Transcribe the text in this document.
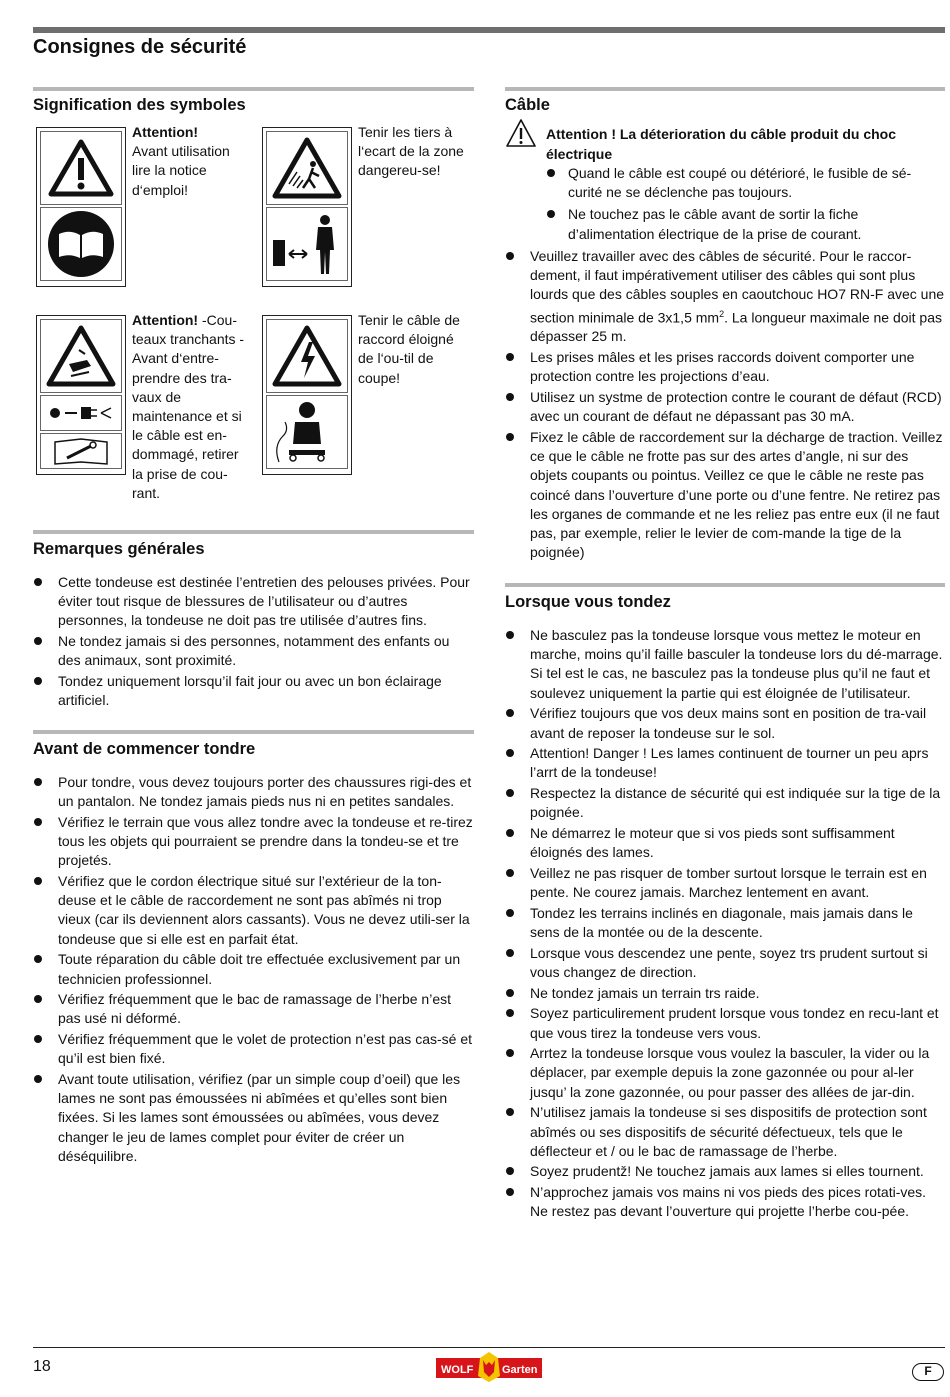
Consignes de sécurité
Signification des symboles

Attention!
Avant utilisation lire la notice d‘emploi!

Tenir les tiers à l‘ecart de la zone dangereu-se!

Attention! -Cou-teaux tranchants - Avant d‘entre-prendre des tra-vaux de maintenance et si le câble est en-dommagé, retirer la prise de cou-rant.

Tenir le câble de raccord éloigné de l‘ou-til de coupe!

Remarques générales
Cette tondeuse est destinée l’entretien des pelouses privées. Pour éviter tout risque de blessures de l’utilisateur ou d’autres personnes, la tondeuse ne doit pas tre utilisée d’autres fins.
Ne tondez jamais si des personnes, notamment des enfants ou des animaux, sont proximité.
Tondez uniquement lorsqu’il fait jour ou avec un bon éclairage artificiel.
Avant de commencer tondre
Pour tondre, vous devez toujours porter des chaussures rigi-des et un pantalon. Ne tondez jamais pieds nus ni en petites sandales.
Vérifiez le terrain que vous allez tondre avec la tondeuse et re-tirez tous les objets qui pourraient se prendre dans la tondeu-se et tre projetés.
Vérifiez que le cordon électrique situé sur l’extérieur de la ton-deuse et le câble de raccordement ne sont pas abîmés ni trop vieux (car ils deviennent alors cassants). Vous ne devez utili-ser la tondeuse que si elle est en parfait état.
Toute réparation du câble doit tre effectuée exclusivement par un technicien professionnel.
Vérifiez fréquemment que le bac de ramassage de l’herbe n’est pas usé ni déformé.
Vérifiez fréquemment que le volet de protection n’est pas cas-sé et qu’il est bien fixé.
Avant toute utilisation, vérifiez (par un simple coup d’oeil) que les lames ne sont pas émoussées ni abîmées et qu’elles sont bien fixées. Si les lames sont émoussées ou abîmées, vous devez changer le jeu de lames complet pour éviter de créer un déséquilibre.
Câble

Attention ! La déterioration du câble produit du choc électrique

Quand le câble est coupé ou détérioré, le fusible de sé-curité ne se déclenche pas toujours.
Ne touchez pas le câble avant de sortir la fiche d’alimentation électrique de la prise de courant.
Veuillez travailler avec des câbles de sécurité. Pour le raccor-dement, il faut impérativement utiliser des câbles qui sont plus lourds que des câbles souples en caoutchouc HO7 RN-F avec une section minimale de 3x1,5 $mm^2$. La longueur maximale ne doit pas dépasser 25 m.
Les prises mâles et les prises raccords doivent comporter une protection contre les projections d’eau.
Utilisez un systme de protection contre le courant de défaut (RCD) avec un courant de défaut ne dépassant pas 30 mA.
Fixez le câble de raccordement sur la décharge de traction. Veillez ce que le câble ne frotte pas sur des artes d’angle, ni sur des objets coupants ou pointus. Veillez ce que le câble ne reste pas coincé dans l’ouverture d’une porte ou d’une fentre. Ne retirez pas les organes de commande et ne les reliez pas entre eux (il ne faut pas, par exemple, relier le levier de com-mande la tige de la poignée)
Lorsque vous tondez
Ne basculez pas la tondeuse lorsque vous mettez le moteur en marche, moins qu’il faille basculer la tondeuse lors du dé-marrage. Si tel est le cas, ne basculez pas la tondeuse plus qu’il ne faut et soulevez uniquement la partie qui est éloignée de l’utilisateur.
Vérifiez toujours que vos deux mains sont en position de tra-vail avant de reposer la tondeuse sur le sol.
Attention! Danger ! Les lames continuent de tourner un peu aprs l’arrt de la tondeuse!
Respectez la distance de sécurité qui est indiquée sur la tige de la poignée.
Ne démarrez le moteur que si vos pieds sont suffisamment éloignés des lames.
Veillez ne pas risquer de tomber surtout lorsque le terrain est en pente. Ne courez jamais. Marchez lentement en avant.
Tondez les terrains inclinés en diagonale, mais jamais dans le sens de la montée ou de la descente.
Lorsque vous descendez une pente, soyez trs prudent surtout si vous changez de direction.
Ne tondez jamais un terrain trs raide.
Soyez particulirement prudent lorsque vous tondez en recu-lant et que vous tirez la tondeuse vers vous.
Arrtez la tondeuse lorsque vous voulez la basculer, la vider ou la déplacer, par exemple depuis la zone gazonnée ou pour al-ler jusqu’ la zone gazonnée, ou pour passer des allées de jar-din.
N’utilisez jamais la tondeuse si ses dispositifs de protection sont abîmés ou ses dispositifs de sécurité défectueux, tels que le déflecteur et / ou le bac de ramassage de l’herbe.
Soyez prudentž! Ne touchez jamais aux lames si elles tournent.
N’approchez jamais vos mains ni vos pieds des pices rotati-ves. Ne restez pas devant l’ouverture qui projette l’herbe cou-pée.

18	WOLF	Garten	F
